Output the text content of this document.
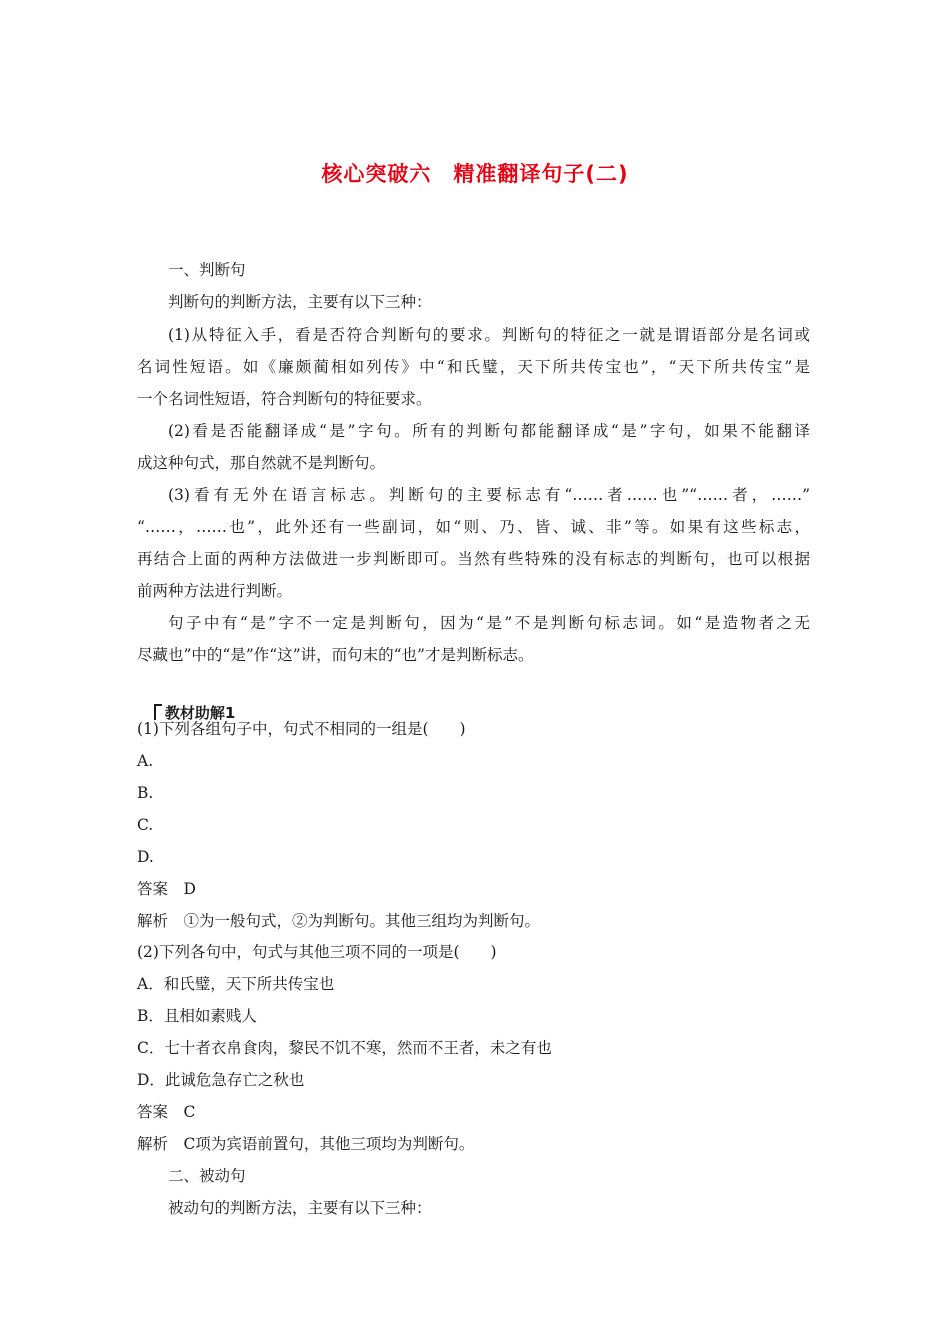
核心突破六　精准翻译句子(二)
一、判断句
判断句的判断方法，主要有以下三种：
(1)从特征入手，看是否符合判断句的要求。判断句的特征之一就是谓语部分是名词或
名词性短语。如《廉颇蔺相如列传》中“和氏璧，天下所共传宝也”，“天下所共传宝”是
一个名词性短语，符合判断句的特征要求。
(2)看是否能翻译成“是”字句。所有的判断句都能翻译成“是”字句，如果不能翻译
成这种句式，那自然就不是判断句。
(3)看有无外在语言标志。判断句的主要标志有“……者……也”“……者，……”
“……，……也”，此外还有一些副词，如“则、乃、皆、诚、非”等。如果有这些标志，
再结合上面的两种方法做进一步判断即可。当然有些特殊的没有标志的判断句，也可以根据
前两种方法进行判断。
句子中有“是”字不一定是判断句，因为“是”不是判断句标志词。如“是造物者之无
尽藏也”中的“是”作“这”讲，而句末的“也”才是判断标志。

教材助解1

(1)下列各组句子中，句式不相同的一组是(　　)
A.
B.
C.
D.
答案　D
解析　①为一般句式，②为判断句。其他三组均为判断句。
(2)下列各句中，句式与其他三项不同的一项是(　　)
A．和氏璧，天下所共传宝也
B．且相如素贱人
C．七十者衣帛食肉，黎民不饥不寒，然而不王者，未之有也
D．此诚危急存亡之秋也
答案　C
解析　C项为宾语前置句，其他三项均为判断句。
二、被动句
被动句的判断方法，主要有以下三种：
